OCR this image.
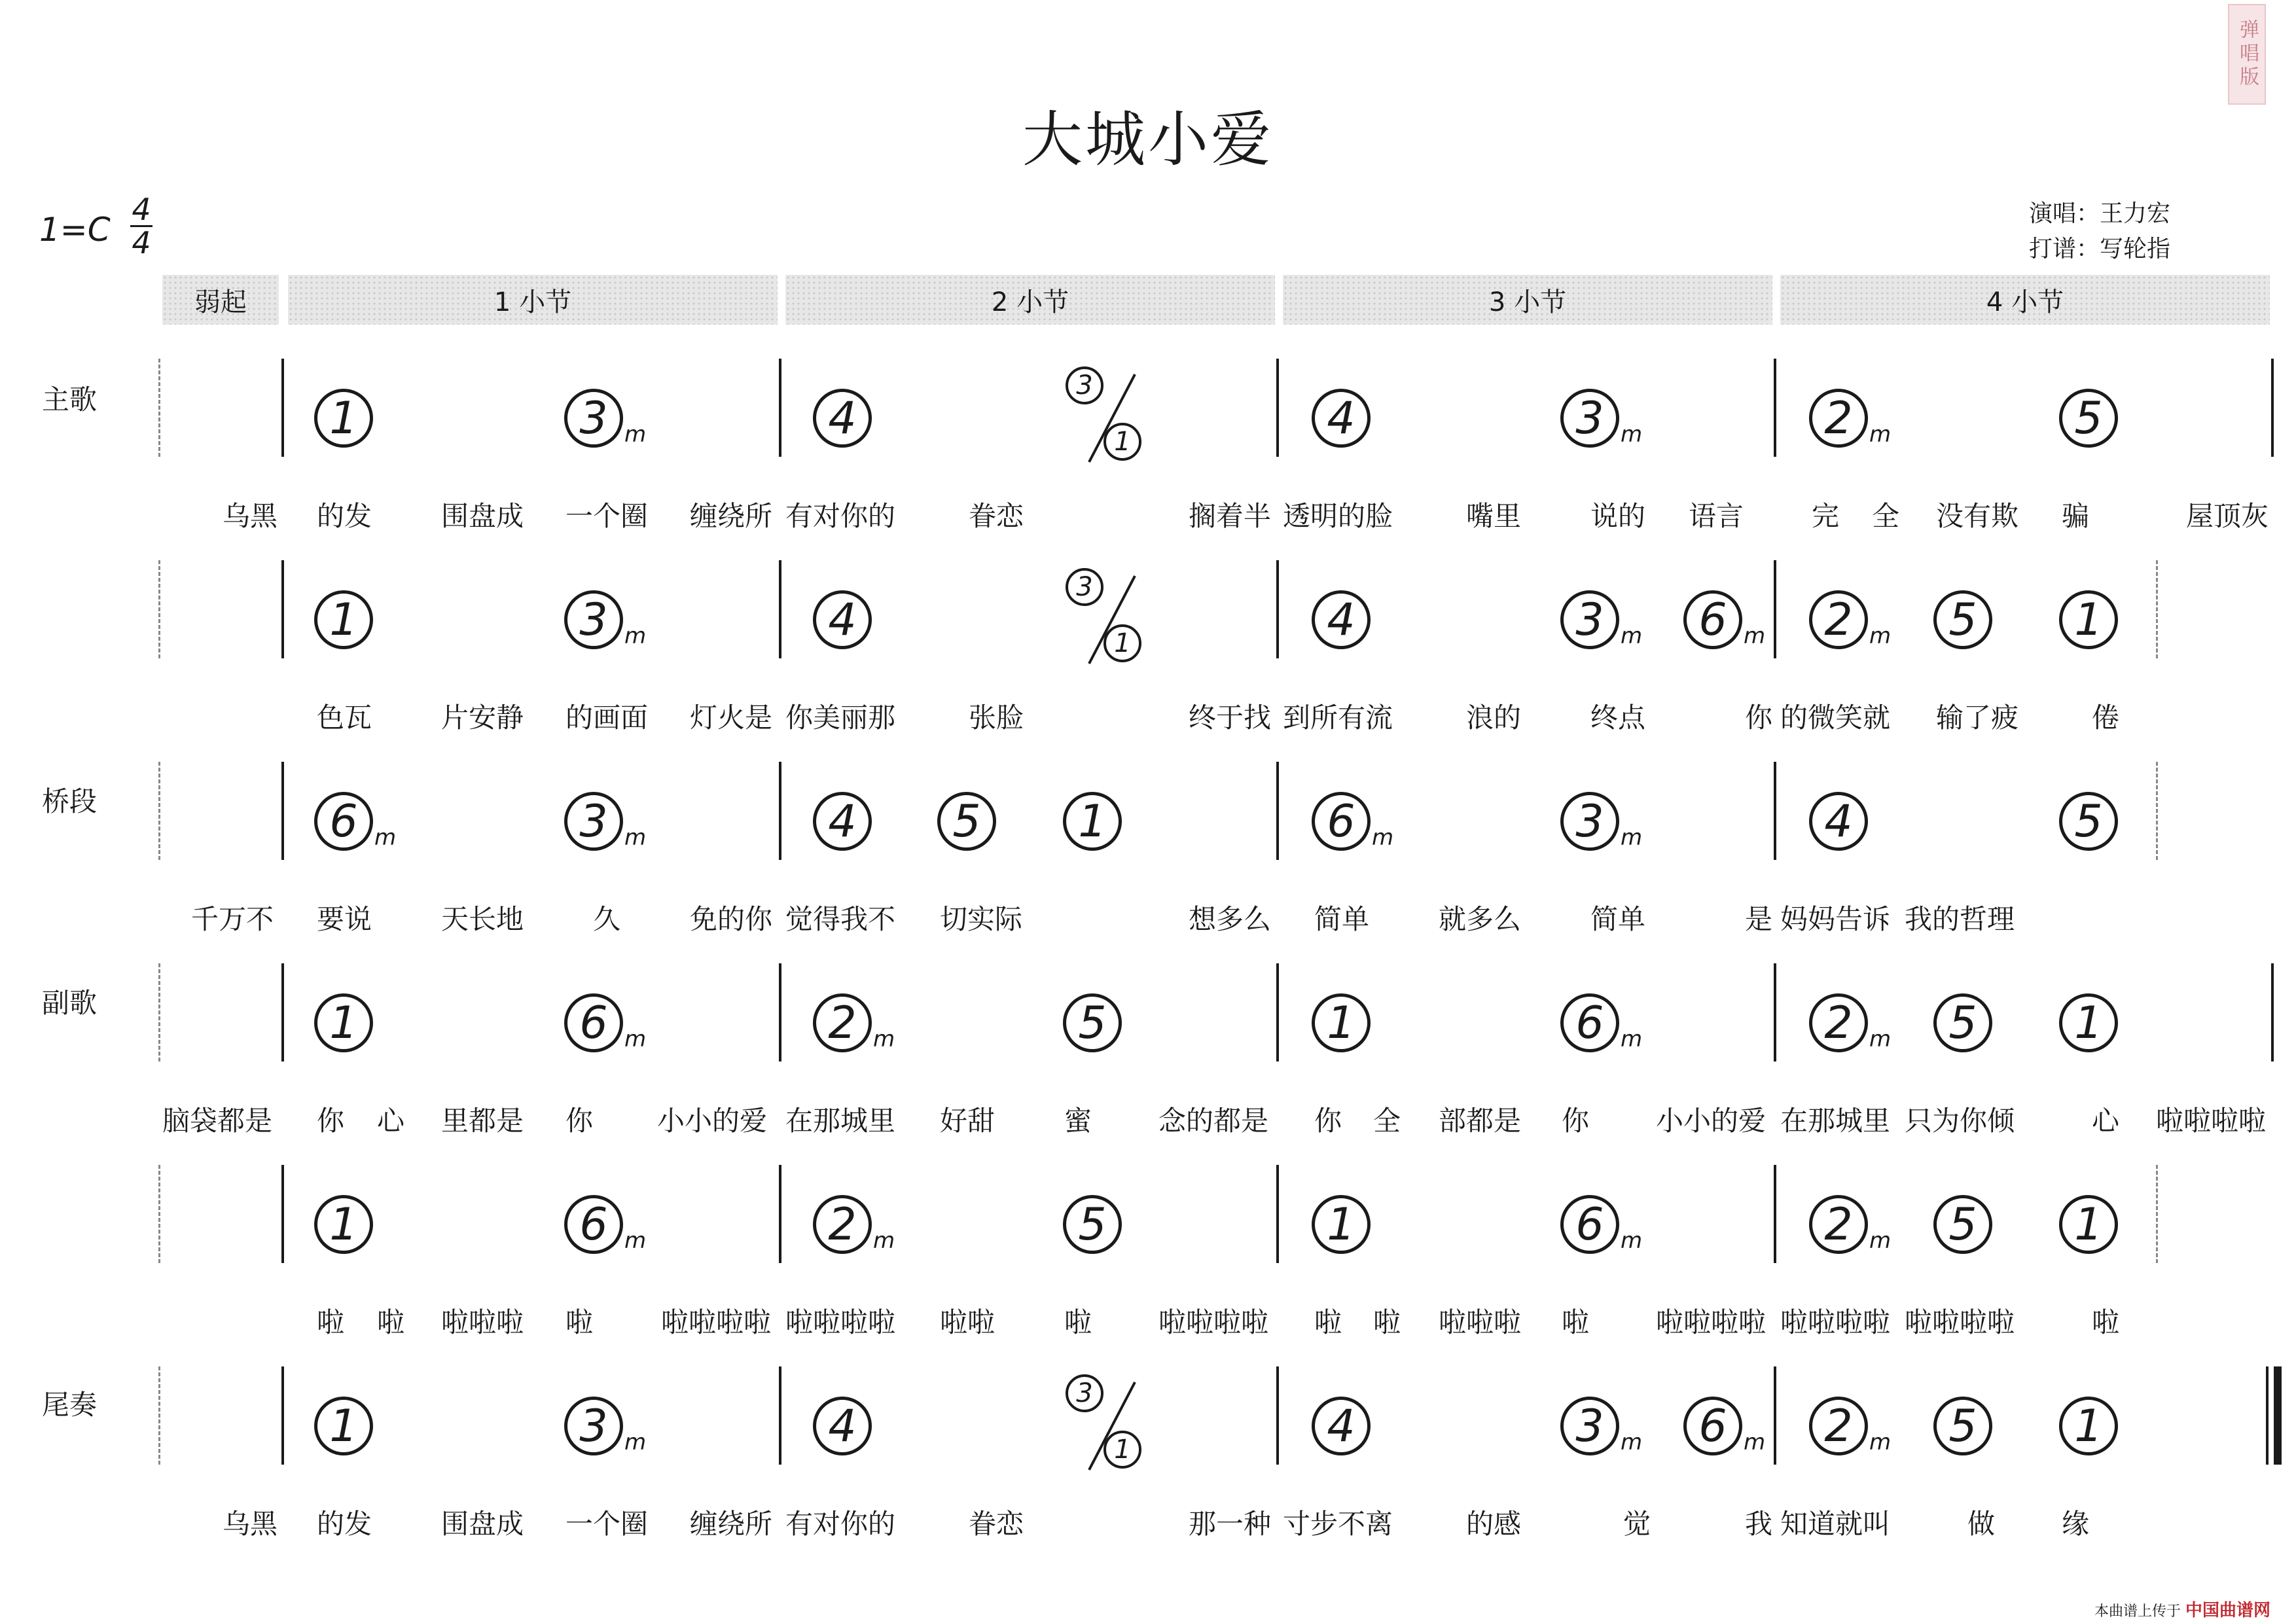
大城小爱
弹唱版
1=C
4
4
演唱：王力宏
打谱：写轮指
弱起	1 小节	2 小节	3 小节	4 小节
主歌
桥段
副歌
尾奏
本曲谱上传于 中国曲谱网
1	3 m	4
3
1	4	3 m	2 m	5
乌黑 的发	围盘成 一个圈 缠绕所 有对你的	眷恋	搁着半 透明的脸	嘴里	说的 语言 完 全 没有欺 骗	屋顶灰
1	3 m	4
3
1	4	3 m	6 m	2 m	5	1
色瓦	片安静 的画面 灯火是 你美丽那	张脸	终于找 到所有流	浪的	终点	你 的微笑就 输了疲	倦
6 m	3 m	4	5	1	6 m	3 m	4	5
千万不 要说	天长地	久	免的你 觉得我不 切实际	想多么 简单	就多么	简单	是 妈妈告诉 我的哲理
1	6 m	2 m	5	1	6 m	2 m	5	1
脑袋都是 你 心 里都是 你 小小的爱 在那城里 好甜	蜜 念的都是 你 全 部都是 你 小小的爱 在那城里 只为你倾	心 啦啦啦啦
1	6 m	2 m	5	1	6 m	2 m	5	1
啦 啦 啦啦啦 啦 啦啦啦啦 啦啦啦啦 啦啦	啦 啦啦啦啦 啦 啦 啦啦啦 啦 啦啦啦啦 啦啦啦啦 啦啦啦啦	啦
1	3 m	4
3
1	4	3 m	6 m	2 m	5	1
乌黑 的发	围盘成 一个圈 缠绕所 有对你的	眷恋	那一种 寸步不离	的感	觉	我 知道就叫	做 缘
